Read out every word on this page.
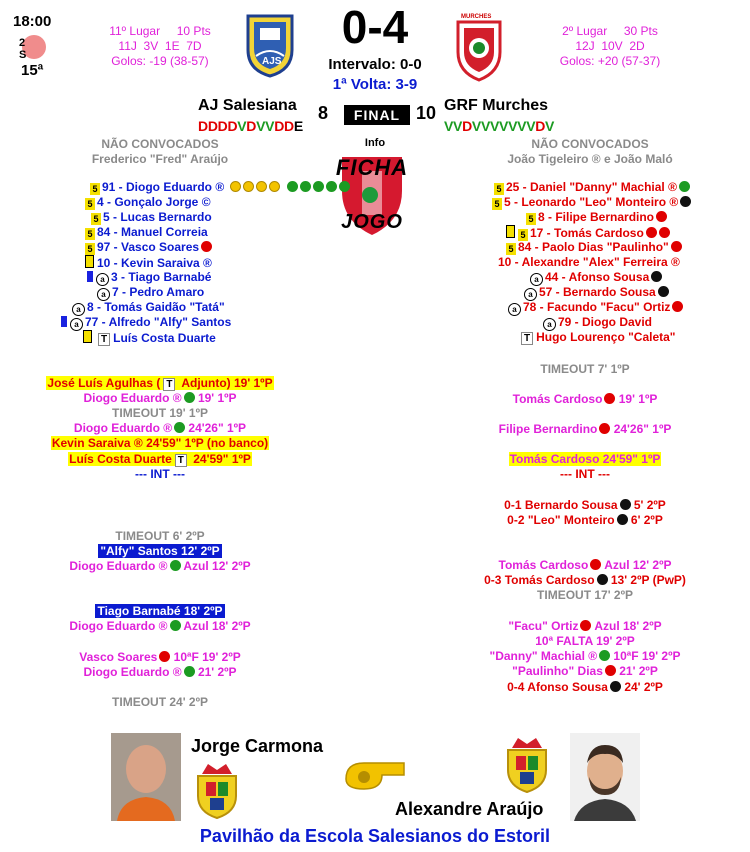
18:00
2
S
15ª
11º Lugar     10 Pts
11J  3V  1E  7D
Golos: -19 (38-57)	AJS
0-4
Intervalo: 0-0
1ª Volta: 3-9
MURCHES
2º Lugar     30 Pts
12J  10V  2D
Golos: +20 (57-37)
AJ Salesiana 8	FINAL 10 GRF Murches
DDDDVDVVDDE	VVDVVVVVVVDV
Info
FICHA
JOGO
NÃO CONVOCADOS
Frederico "Fred" Araújo
5 91 - Diogo Eduardo ®
5 4 - Gonçalo Jorge ©
5 5 - Lucas Bernardo
5 84 - Manuel Correia
5 97 - Vasco Soares
10 - Kevin Saraiva ®
a 3 - Tiago Barnabé
a 7 - Pedro Amaro
a 8 - Tomás Gaidão "Tatá"
a 77 - Alfredo "Alfy" Santos
T Luís Costa Duarte
NÃO CONVOCADOS
João Tigeleiro ® e João Maló
5 25 - Daniel "Danny" Machial ®
5 5 - Leonardo "Leo" Monteiro ®
5 8 - Filipe Bernardino
5 17 - Tomás Cardoso
5 84 - Paolo Dias "Paulinho"
10 - Alexandre "Alex" Ferreira ®
a 44 - Afonso Sousa
a 57 - Bernardo Sousa
a 78 - Facundo "Facu" Ortiz
a 79 - Diogo David
T Hugo Lourenço "Caleta"
José Luís Agulhas ( T Adjunto) 19' 1ºP
Diogo Eduardo ® 19' 1ºP
TIMEOUT 19' 1ºP
Diogo Eduardo ® 24'26" 1ºP
Kevin Saraiva ® 24'59" 1ºP (no banco)
Luís Costa Duarte T 24'59" 1ºP
--- INT ---
TIMEOUT 6' 2ºP
"Alfy" Santos 12' 2ºP
Diogo Eduardo ® Azul 12' 2ºP
Tiago Barnabé 18' 2ºP
Diogo Eduardo ® Azul 18' 2ºP
Vasco Soares 10ªF 19' 2ºP
Diogo Eduardo ® 21' 2ºP
TIMEOUT 24' 2ºP
TIMEOUT 7' 1ºP
Tomás Cardoso 19' 1ºP
Filipe Bernardino 24'26" 1ºP
Tomás Cardoso 24'59" 1ºP
--- INT ---
0-1 Bernardo Sousa 5' 2ºP
0-2 "Leo" Monteiro 6' 2ºP
Tomás Cardoso Azul 12' 2ºP
0-3 Tomás Cardoso 13' 2ºP (PwP)
TIMEOUT 17' 2ºP
"Facu" Ortiz Azul 18' 2ºP
10ª FALTA 19' 2ºP
"Danny" Machial ® 10ªF 19' 2ºP
"Paulinho" Dias 21' 2ºP
0-4 Afonso Sousa 24' 2ºP
Jorge Carmona
Alexandre Araújo
Pavilhão da Escola Salesianos do Estoril
